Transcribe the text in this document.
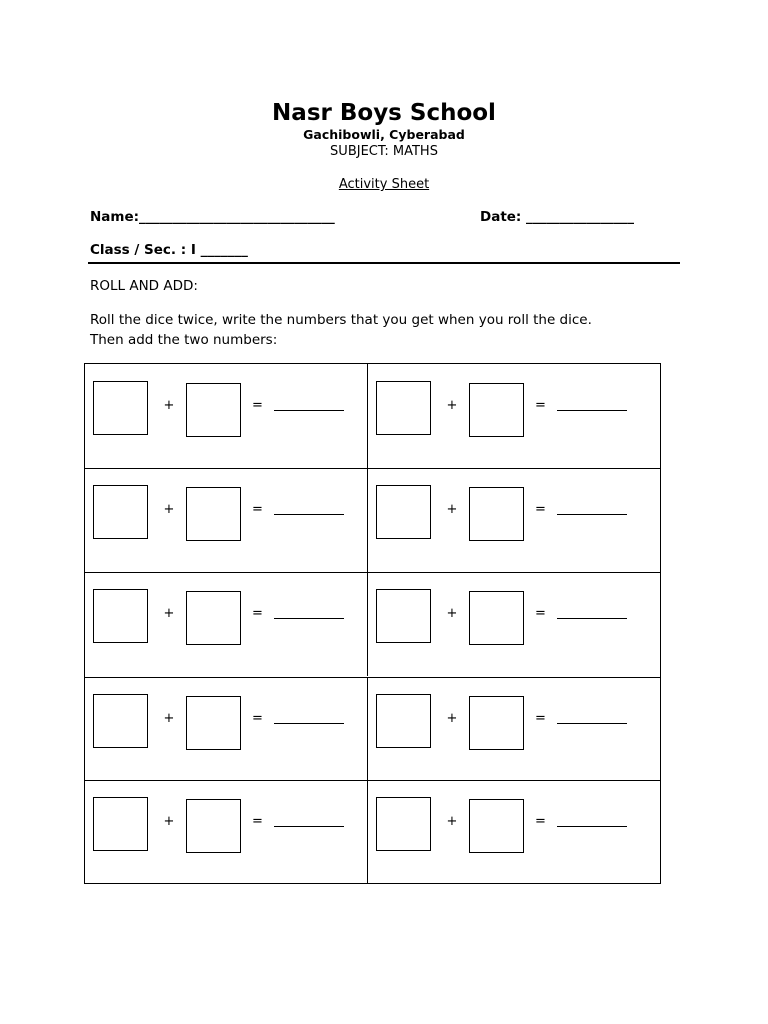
Nasr Boys School
Gachibowli, Cyberabad
SUBJECT: MATHS
Activity Sheet
Name:_____________________________	Date: ________________
Class / Sec. : I _______
ROLL AND ADD:
Roll the dice twice, write the numbers that you get when you roll the dice.
Then add the two numbers:
+	=	+	=
+	=	+	=
+	=	+	=
+	=	+	=
+	=	+	=
